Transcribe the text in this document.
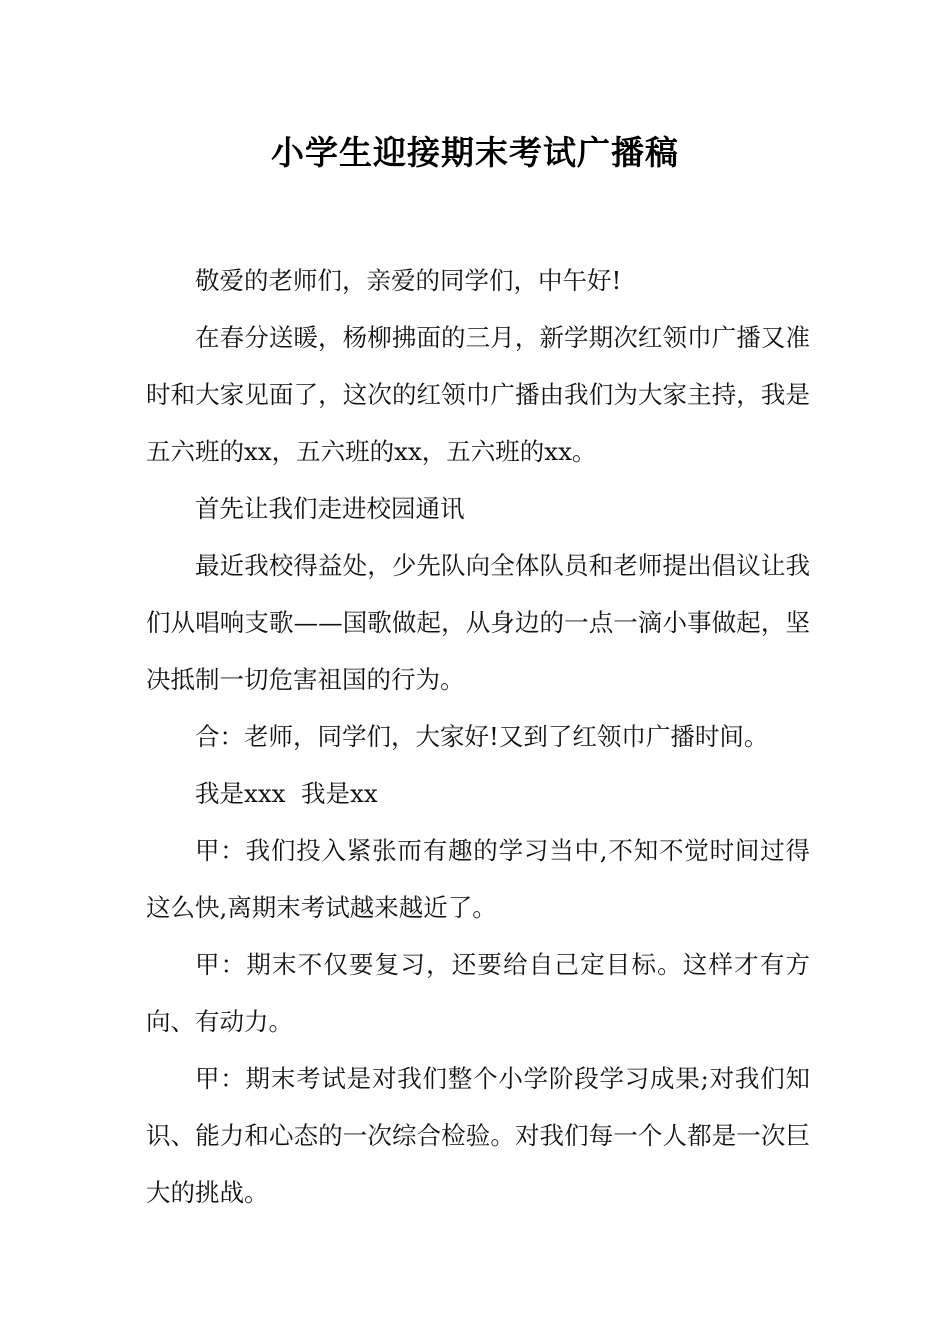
小学生迎接期末考试广播稿

敬爱的老师们，亲爱的同学们，中午好!

在春分送暖，杨柳拂面的三月，新学期次红领巾广播又准时和大家见面了，这次的红领巾广播由我们为大家主持，我是五六班的xx，五六班的xx，五六班的xx。

首先让我们走进校园通讯

最近我校得益处，少先队向全体队员和老师提出倡议让我们从唱响支歌——国歌做起，从身边的一点一滴小事做起，坚决抵制一切危害祖国的行为。

合：老师，同学们，大家好!又到了红领巾广播时间。

我是xxx  我是xx

甲：我们投入紧张而有趣的学习当中,不知不觉时间过得这么快,离期末考试越来越近了。

甲：期末不仅要复习，还要给自己定目标。这样才有方向、有动力。

甲：期末考试是对我们整个小学阶段学习成果;对我们知识、能力和心态的一次综合检验。对我们每一个人都是一次巨大的挑战。
